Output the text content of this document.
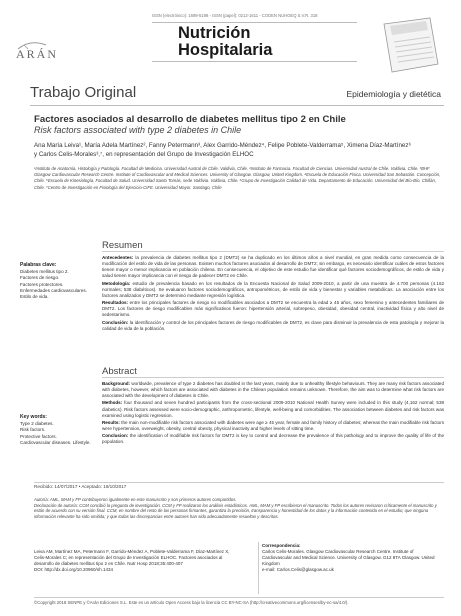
ISSN (electrónico): 1699-5198 - ISSN (papel): 0212-1611 - CODEN NUHOEQ S.V.R. 318
ARÁN
Nutrición
Hospitalaria
Trabajo Original	Epidemiología y dietética
Factores asociados al desarrollo de diabetes mellitus tipo 2 en Chile
Risk factors associated with type 2 diabetes in Chile
Ana María Leiva¹, María Adela Martínez², Fanny Petermann³, Alex Garrido-Méndez⁴, Felipe Poblete-Valderrama⁵, Ximena Díaz-Martínez⁶
y Carlos Celis-Morales³,⁷, en representación del Grupo de Investigación ELHOC
¹Instituto de Anatomía, Histología y Patología. Facultad de Medicina. Universidad Austral de Chile. Valdivia, Chile. ²Instituto de Farmacia. Facultad de Ciencias. Universidad Austral de Chile. Valdivia, Chile. ³BHF Glasgow Cardiovascular Research Centre. Institute of Cardiovascular and Medical Sciences. University of Glasgow. Glasgow, United Kingdom. ⁴Escuela de Educación Física. Universidad San Sebastián. Concepción, Chile. ⁵Escuela de Kinesiología. Facultad de Salud. Universidad Santo Tomás, sede Valdivia. Valdivia, Chile. ⁶Grupo de Investigación Calidad de Vida. Departamento de Educación. Universidad del Bío-Bío. Chillán, Chile. ⁷Centro de Investigación en Fisiología del Ejercicio-CIFE. Universidad Mayor. Santiago, Chile
Resumen
Palabras clave:
Diabetes mellitus tipo 2.
Factores de riesgo.
Factores protectores.
Enfermedades cardiovasculares.
Estilo de vida.

Antecedentes: la prevalencia de diabetes mellitus tipo 2 (DMT2) se ha duplicado en los últimos años a nivel mundial, en gran medida como consecuencia de la modificación del estilo de vida de las personas. Existen muchos factores asociados al desarrollo de DMT2; sin embargo, es necesario identificar cuáles de estos factores tienen mayor o menor implicancia en población chilena. En consecuencia, el objetivo de este estudio fue identificar qué factores sociodemográficos, de estilo de vida y salud tienen mayor implicancia con el riesgo de padecer DMT2 en Chile.

Metodología: estudio de prevalencia basado en los resultados de la Encuesta Nacional de Salud 2009-2010, a partir de una muestra de 4.700 personas (4.162 normales; 538 diabéticos). Se evaluaron factores sociodemográficos, antropométricos, de estilo de vida y bienestar y variables metabólicas. La asociación entre los factores analizados y DMT2 se determinó mediante regresión logística.

Resultados: entre los principales factores de riesgo no modificables asociados a DMT2 se encuentra la edad ≥ 45 años, sexo femenino y antecedentes familiares de DMT2. Los factores de riesgo modificables más significativos fueron: hipertensión arterial, sobrepeso, obesidad, obesidad central, inactividad física y alto nivel de sedentarismo.

Conclusión: la identificación y control de los principales factores de riesgo modificables de DMT2, es clave para disminuir la prevalencia de esta patología y mejorar la calidad de vida de la población.

Abstract
Key words:
Type 2 diabetes.
Risk factors.
Protective factors.
Cardiovascular diseases. Lifestyle.

Background: worldwide, prevalence of type 2 diabetes has doubled in the last years, mainly due to unhealthy lifestyle behaviours. They are many risk factors associated with diabetes, however, which factors are associated with diabetes in the Chilean population remains unknown. Therefore, the aim was to determine what risk factors are associated with the development of diabetes in Chile.

Methods: four thousand and seven hundred participants from the cross-sectional 2009-2010 National Health Survey were included in this study (4,162 normal; 538 diabetics). Risk factors assessed were socio-demographic, anthropometric, lifestyle, well-being and comorbidities. The association between diabetes and risk factors was examined using logistic regression.

Results: the main non-modifiable risk factors associated with diabetes were age ≥ 45 year, female and family history of diabetes; whereas the main modifiable risk factors were hypertension, overweight, obesity, central obesity, physical inactivity and higher levels of sitting time.

Conclusion: the identification of modifiable risk factors for DMT2 is key to control and decrease the prevalence of this pathology and to improve the quality of life of the population.

Recibido: 14/07/2017 • Aceptado: 18/10/2017
Autoría: AML, MAM y FP contribuyeron igualmente en este manuscrito y son primeros autores compartidos.
Declaración de autoría: CCM concibió la pregunta de investigación. CCM y FP realizaron los análisis estadísticos. AML, MAM y FP escribieron el manuscrito. Todos los autores revisaron críticamente el manuscrito y están de acuerdo con su versión final. CCM, en nombre del resto de las personas firmantes, garantiza la precisión, transparencia y honestidad de los datos y la información contenida en el estudio; que ninguna información relevante ha sido omitida; y que todas las discrepancias entre autores han sido adecuadamente resueltas y descritas.
Leiva AM, Martínez MA, Petermann F, Garrido-Méndez A, Poblete-Valderrama F, Díaz-Martínez X, Celis-Morales C; en representación del Grupo de Investigación ELHOC. Factores asociados al desarrollo de diabetes mellitus tipo 2 en Chile. Nutr Hosp 2018;35:400-407
DOI: http://dx.doi.org/10.20960/nh.1434
Correspondencia:
Carlos Celis-Morales. Glasgow Cardiovascular Research Centre. Institute of Cardiovascular and Medical Science. University of Glasgow. G12 8TA Glasgow. United Kingdom
e-mail: Carlos.Celis@glasgow.ac.uk
©Copyright 2018 SENPE y ©Arán Ediciones S.L. Este es un artículo Open Access bajo la licencia CC BY-NC-SA (http://creativecommons.org/licenses/by-nc-sa/4.0/).
